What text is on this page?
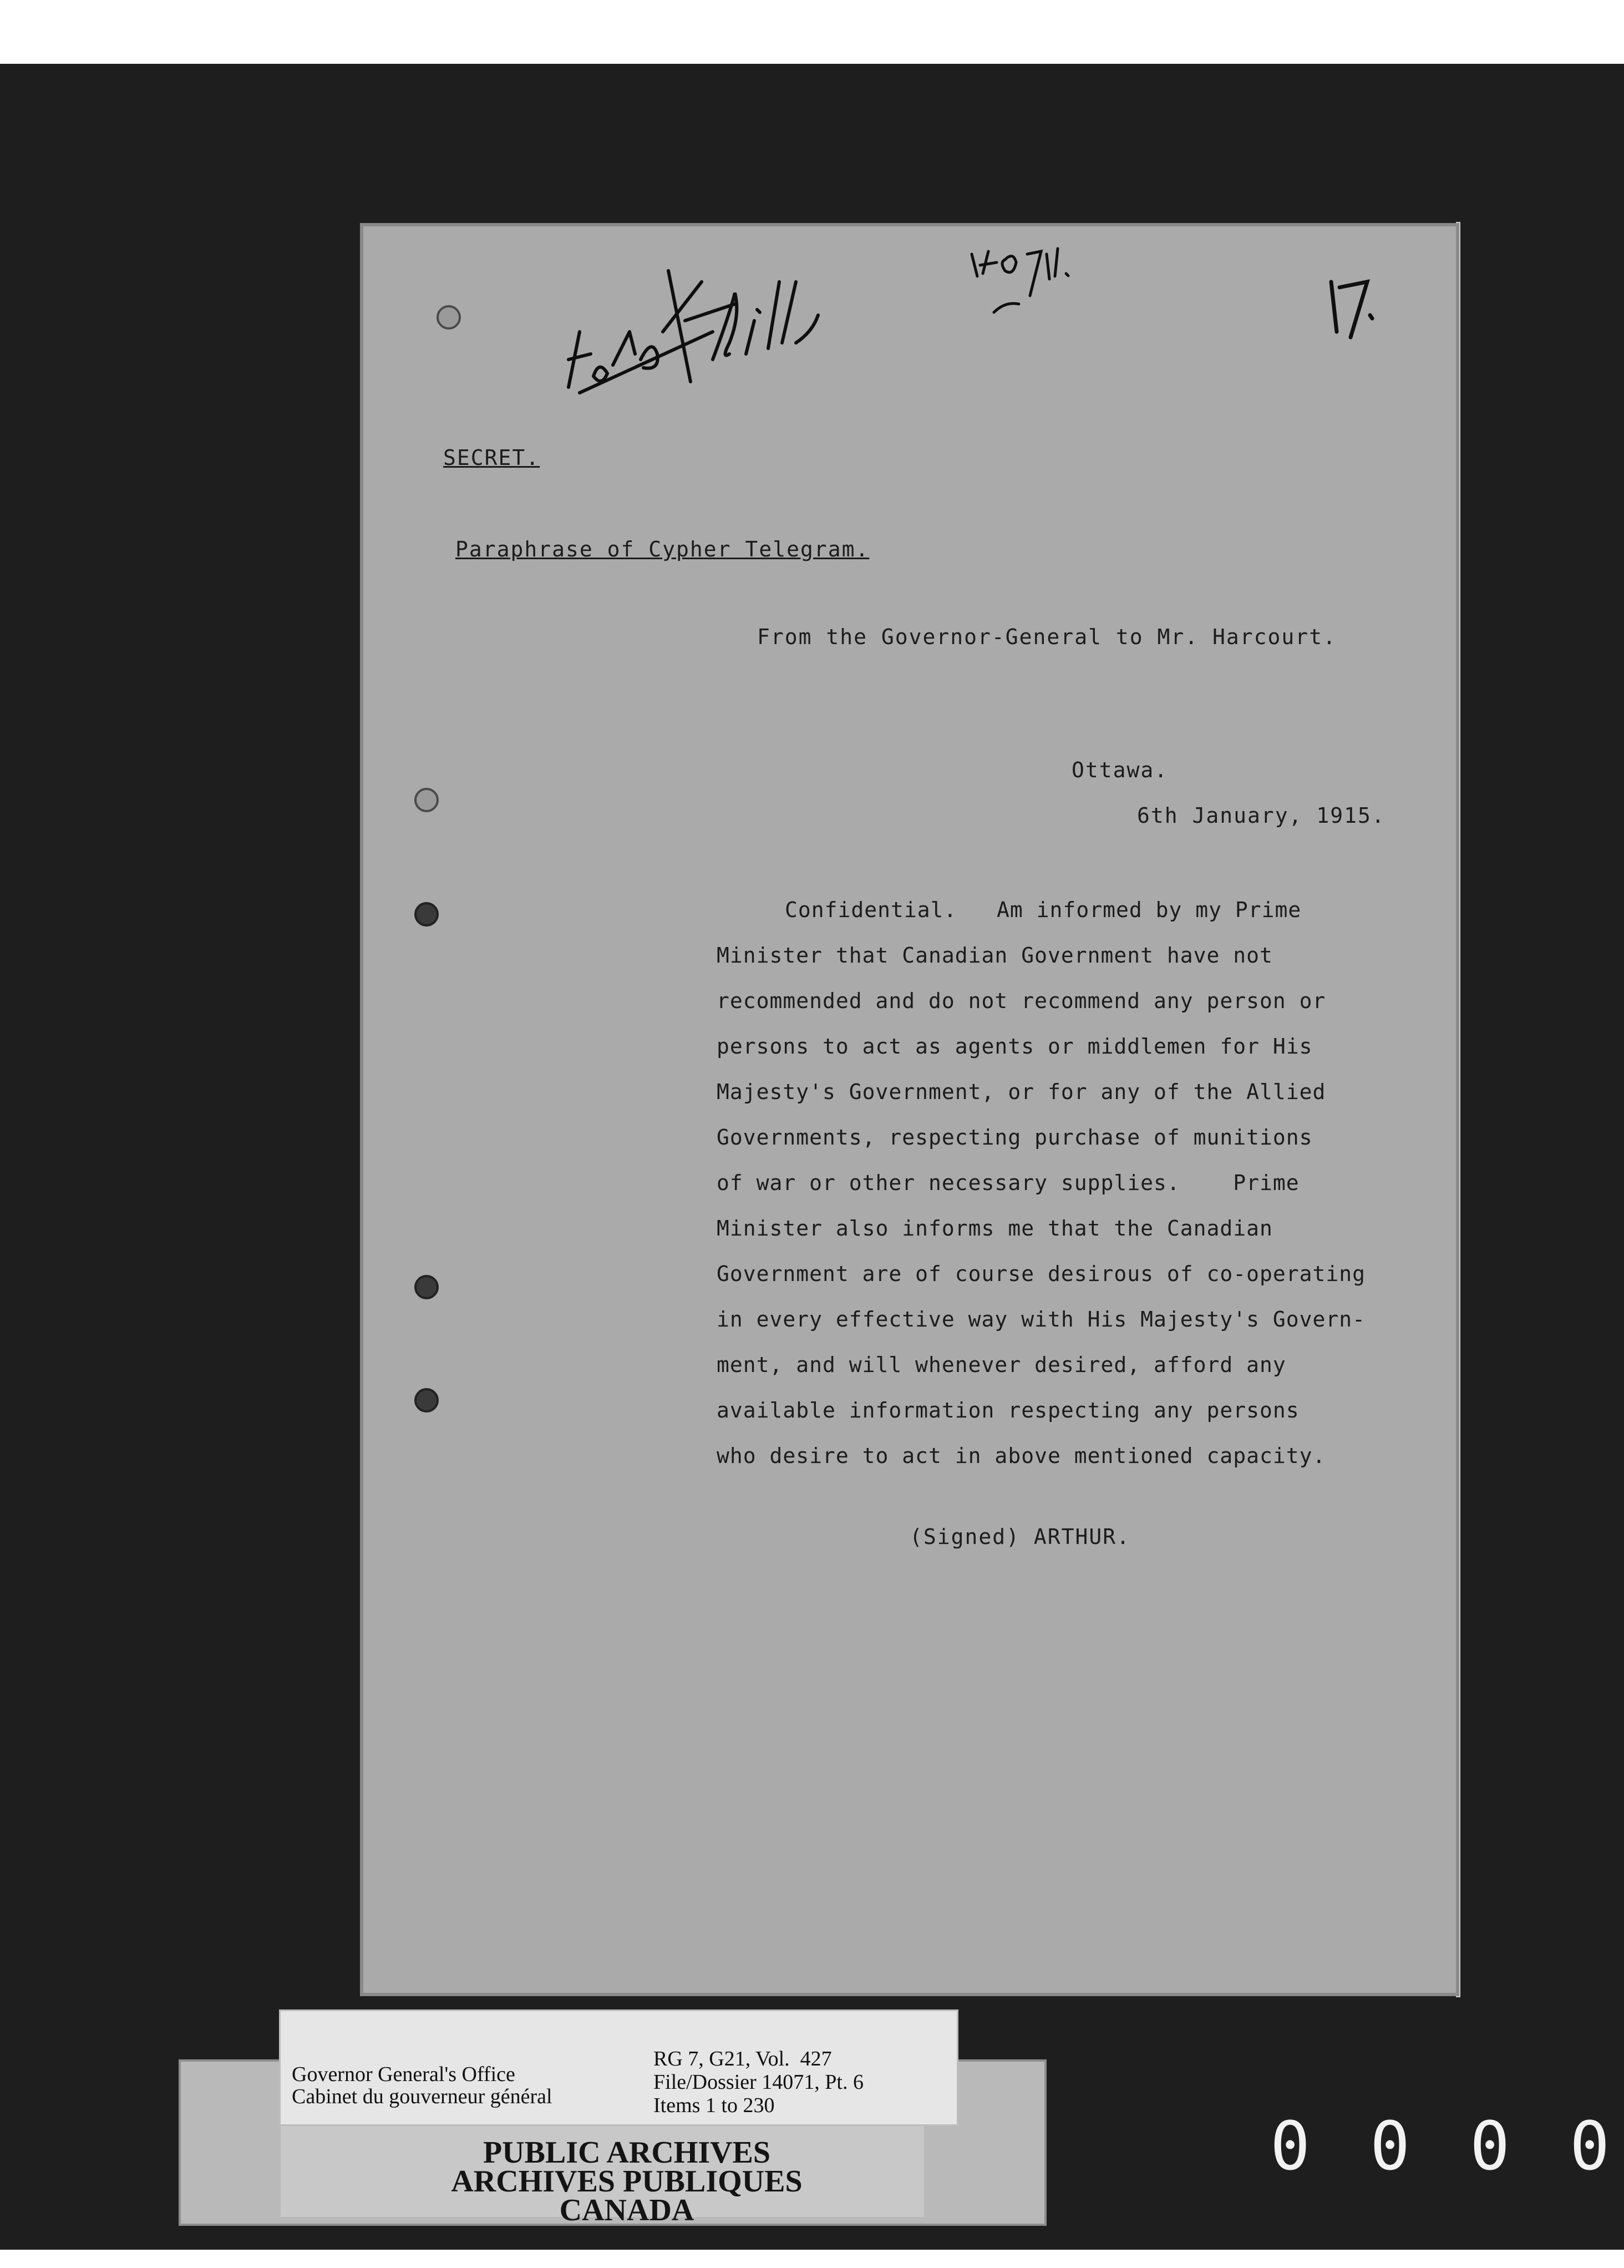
SECRET.
Paraphrase of Cypher Telegram.
From the Governor-General to Mr. Harcourt.
Ottawa.
6th January, 1915.
Confidential.   Am informed by my Prime
Minister that Canadian Government have not
recommended and do not recommend any person or
persons to act as agents or middlemen for His
Majesty's Government, or for any of the Allied
Governments, respecting purchase of munitions
of war or other necessary supplies.    Prime
Minister also informs me that the Canadian
Government are of course desirous of co-operating
in every effective way with His Majesty's Govern-
ment, and will whenever desired, afford any
available information respecting any persons
who desire to act in above mentioned capacity.
(Signed) ARTHUR.
PUBLIC ARCHIVES
ARCHIVES PUBLIQUES
CANADA
Governor General's Office
Cabinet du gouverneur général
RG 7, G21, Vol.  427
File/Dossier 14071, Pt. 6
Items 1 to 230
0 0 0 0
